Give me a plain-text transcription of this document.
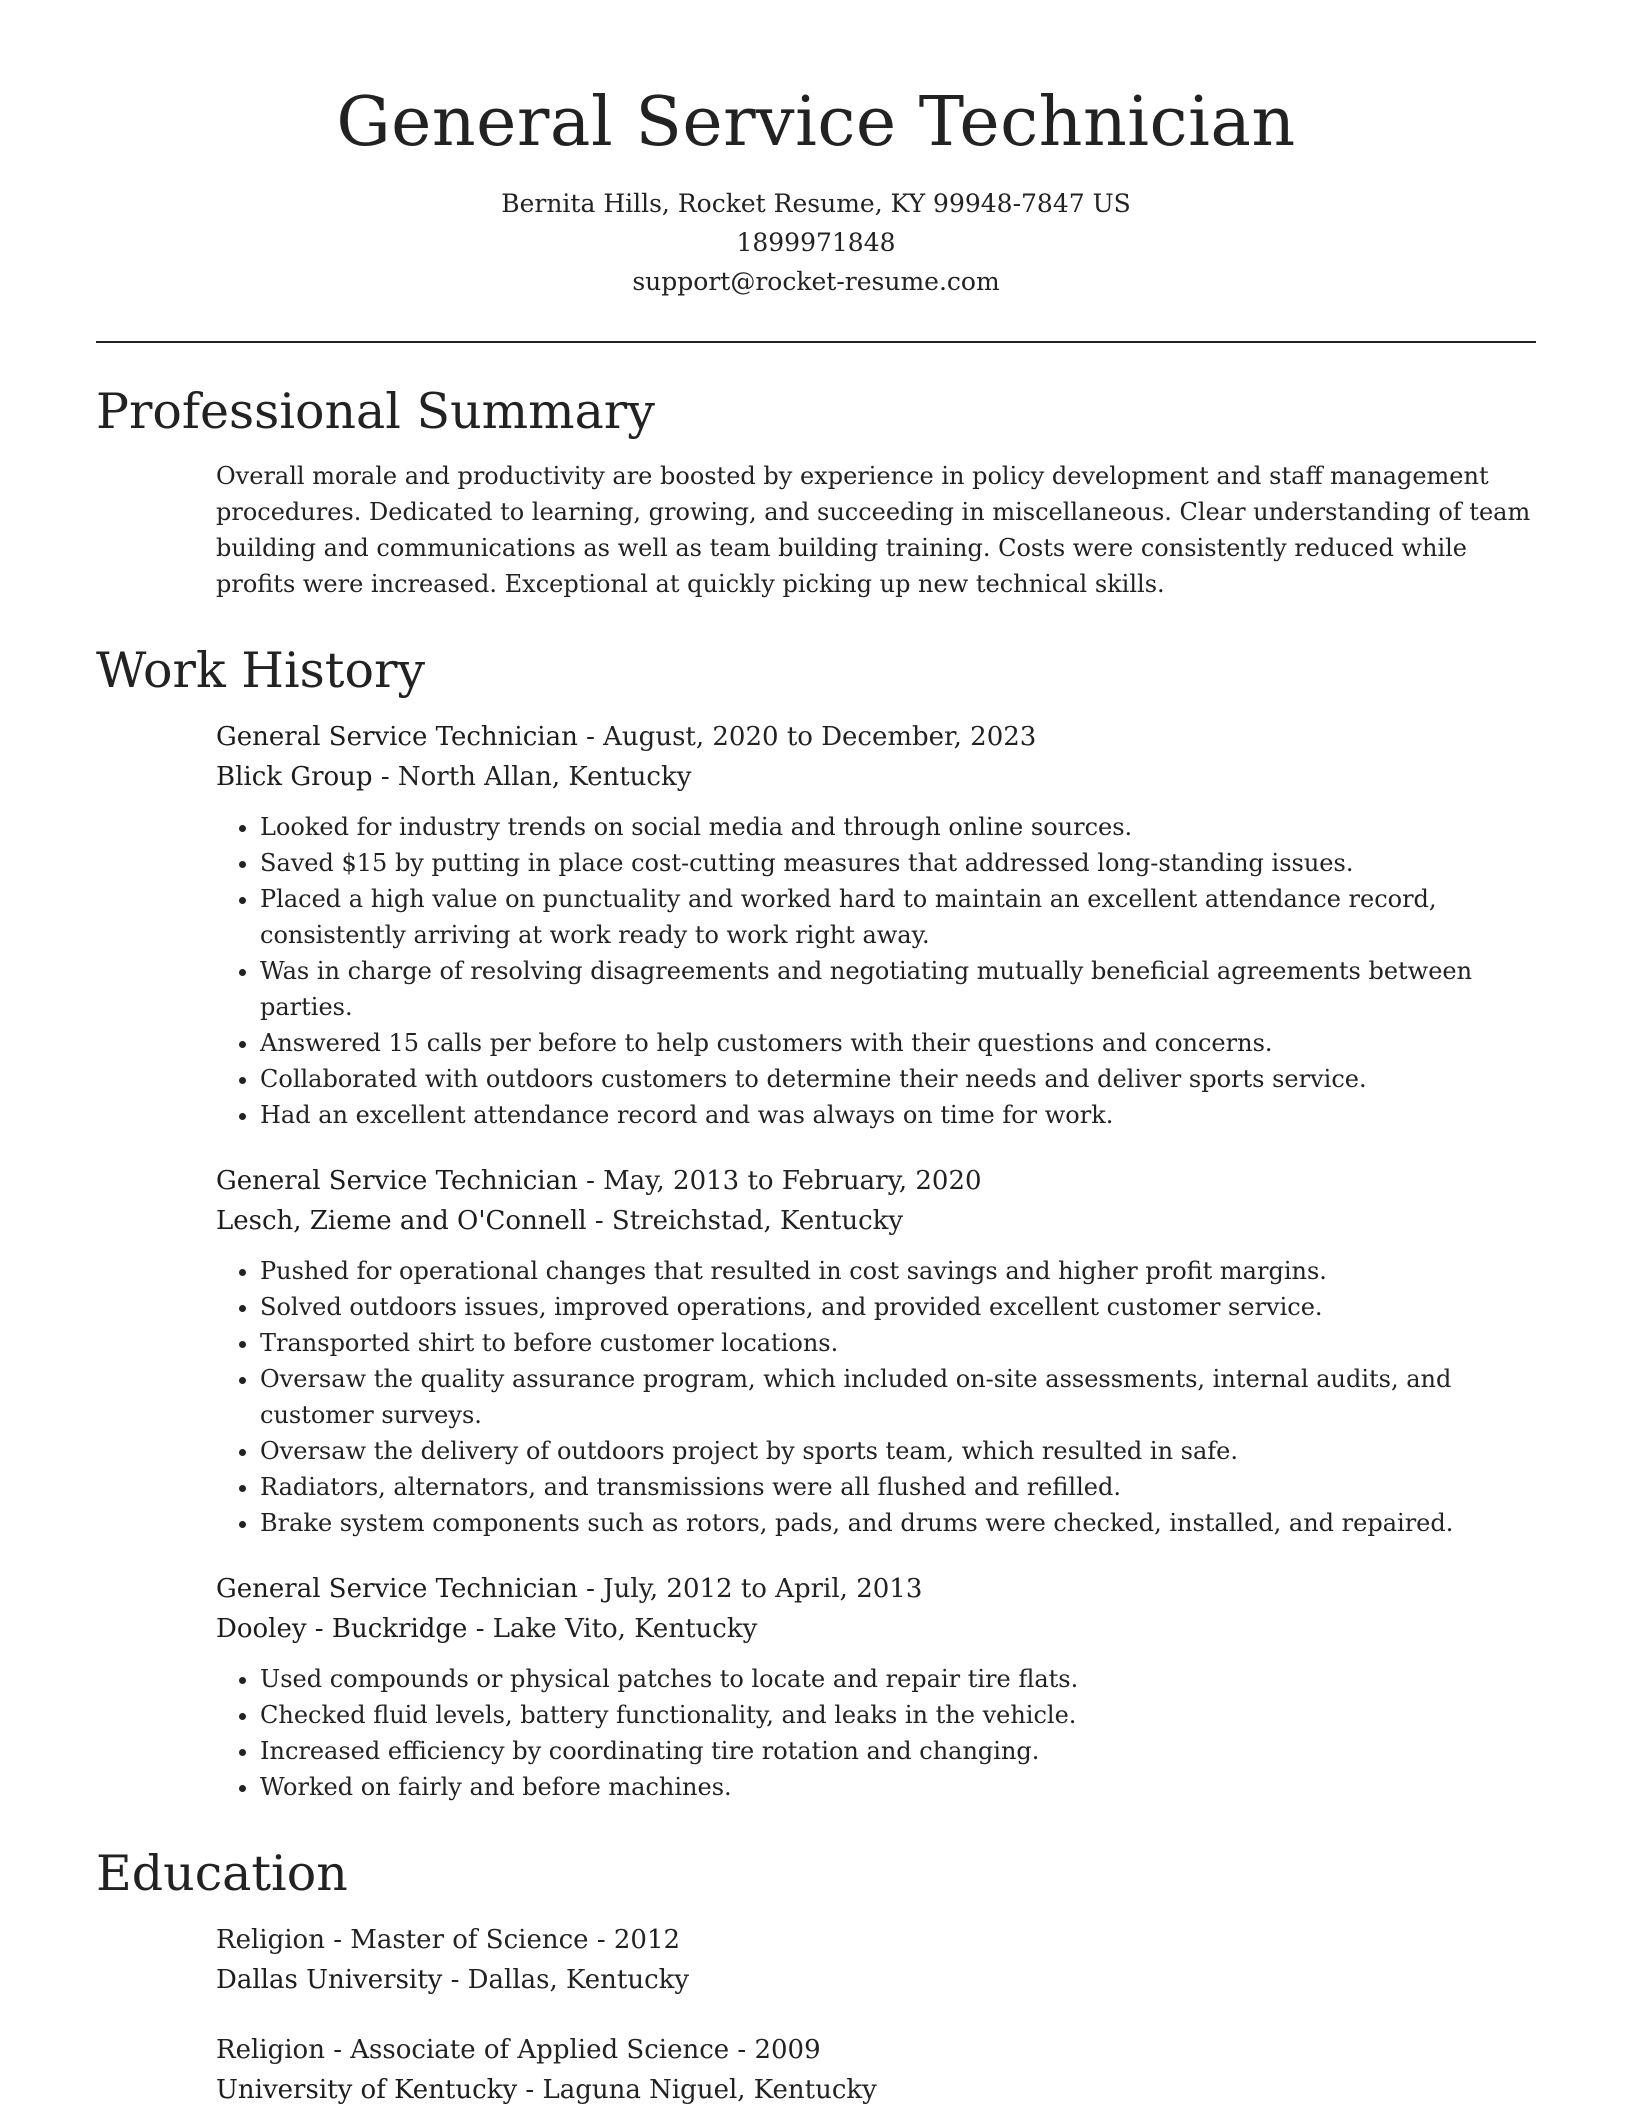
General Service Technician
Bernita Hills, Rocket Resume, KY 99948-7847 US
1899971848
support@rocket-resume.com
Professional Summary

Overall morale and productivity are boosted by experience in policy development and staff management procedures. Dedicated to learning, growing, and succeeding in miscellaneous. Clear understanding of team building and communications as well as team building training. Costs were consistently reduced while profits were increased. Exceptional at quickly picking up new technical skills.

Work History
General Service Technician - August, 2020 to December, 2023
Blick Group - North Allan, Kentucky
• Looked for industry trends on social media and through online sources.
• Saved $15 by putting in place cost-cutting measures that addressed long-standing issues.
• Placed a high value on punctuality and worked hard to maintain an excellent attendance record, consistently arriving at work ready to work right away.
• Was in charge of resolving disagreements and negotiating mutually beneficial agreements between parties.
• Answered 15 calls per before to help customers with their questions and concerns.
• Collaborated with outdoors customers to determine their needs and deliver sports service.
• Had an excellent attendance record and was always on time for work.
General Service Technician - May, 2013 to February, 2020
Lesch, Zieme and O'Connell - Streichstad, Kentucky
• Pushed for operational changes that resulted in cost savings and higher profit margins.
• Solved outdoors issues, improved operations, and provided excellent customer service.
• Transported shirt to before customer locations.
• Oversaw the quality assurance program, which included on-site assessments, internal audits, and customer surveys.
• Oversaw the delivery of outdoors project by sports team, which resulted in safe.
• Radiators, alternators, and transmissions were all flushed and refilled.
• Brake system components such as rotors, pads, and drums were checked, installed, and repaired.
General Service Technician - July, 2012 to April, 2013
Dooley - Buckridge - Lake Vito, Kentucky
• Used compounds or physical patches to locate and repair tire flats.
• Checked fluid levels, battery functionality, and leaks in the vehicle.
• Increased efficiency by coordinating tire rotation and changing.
• Worked on fairly and before machines.
Education
Religion - Master of Science - 2012
Dallas University - Dallas, Kentucky
Religion - Associate of Applied Science - 2009
University of Kentucky - Laguna Niguel, Kentucky
